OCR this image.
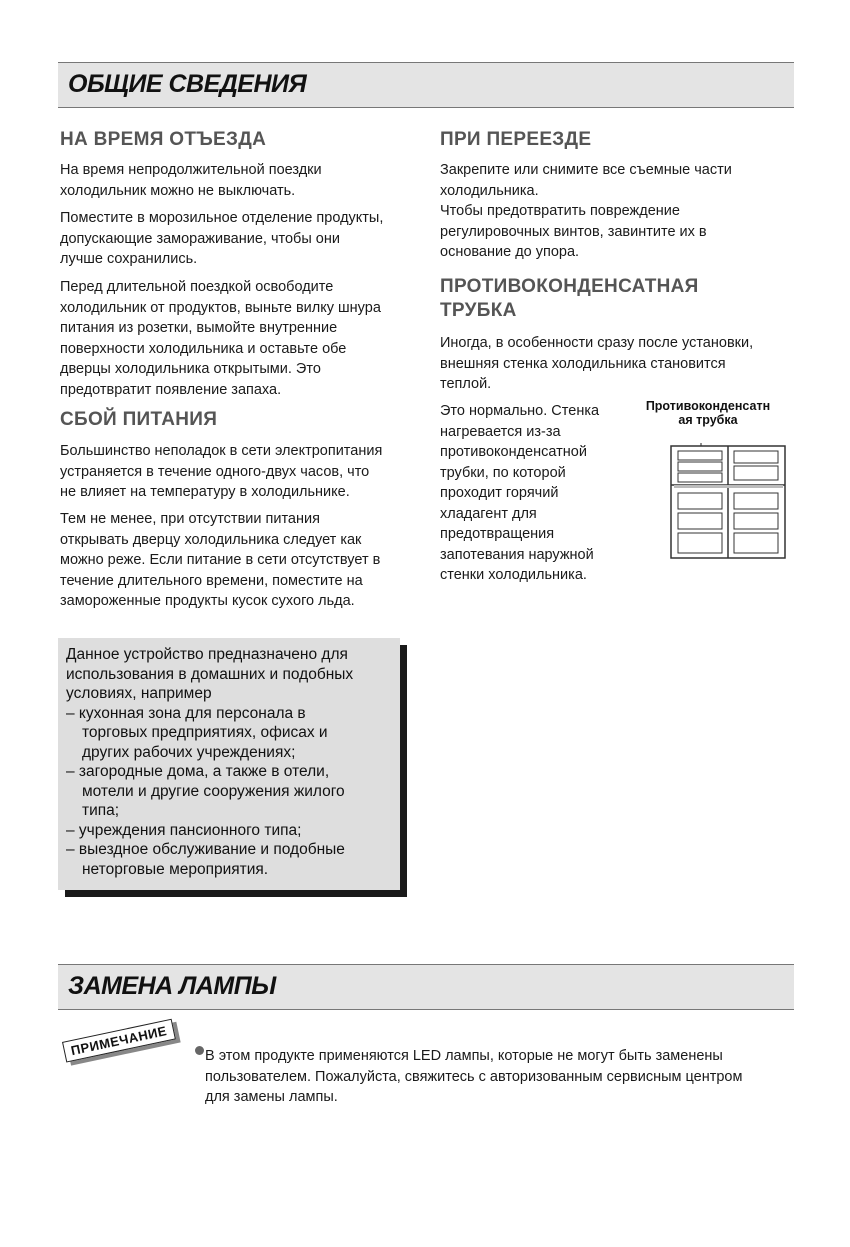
ОБЩИЕ СВЕДЕНИЯ
НА ВРЕМЯ ОТЪЕЗДА

На время непродолжительной поездки
холодильник можно не выключать.

Поместите в морозильное отделение продукты,
допускающие замораживание, чтобы они
лучше сохранились.

Перед длительной поездкой освободите
холодильник от продуктов, выньте вилку шнура
питания из розетки, вымойте внутренние
поверхности холодильника и оставьте обе
дверцы холодильника открытыми. Это
предотвратит появление запаха.

СБОЙ ПИТАНИЯ

Большинство неполадок в сети электропитания
устраняется в течение одного-двух часов, что
не влияет на температуру в холодильнике.

Тем не менее, при отсутствии питания
открывать дверцу холодильника следует как
можно реже. Если питание в сети отсутствует в
течение длительного времени, поместите на
замороженные продукты кусок сухого льда.

ПРИ ПЕРЕЕЗДЕ

Закрепите или снимите все съемные части
холодильника.
Чтобы предотвратить повреждение
регулировочных винтов, завинтите их в
основание до упора.

ПРОТИВОКОНДЕНСАТНАЯ
ТРУБКА

Иногда, в особенности сразу после установки,
внешняя стенка холодильника становится
теплой.

Это нормально. Стенка
нагревается из-за
противоконденсатной
трубки, по которой
проходит горячий
хладагент для
предотвращения
запотевания наружной
стенки холодильника.

Противоконденсатн
ая трубка
Данное устройство предназначено для
использования в домашних и подобных
условиях, например
– кухонная зона для персонала в
торговых предприятиях, офисах и
других рабочих учреждениях;
– загородные дома, а также в отели,
мотели и другие сооружения жилого
типа;
– учреждения пансионного типа;
– выездное обслуживание и подобные
неторговые мероприятия.
ЗАМЕНА ЛАМПЫ
ПРИМЕЧАНИЕ	В этом продукте применяются LED лампы, которые не могут быть заменены
пользователем. Пожалуйста, свяжитесь с авторизованным сервисным центром
для замены лампы.
